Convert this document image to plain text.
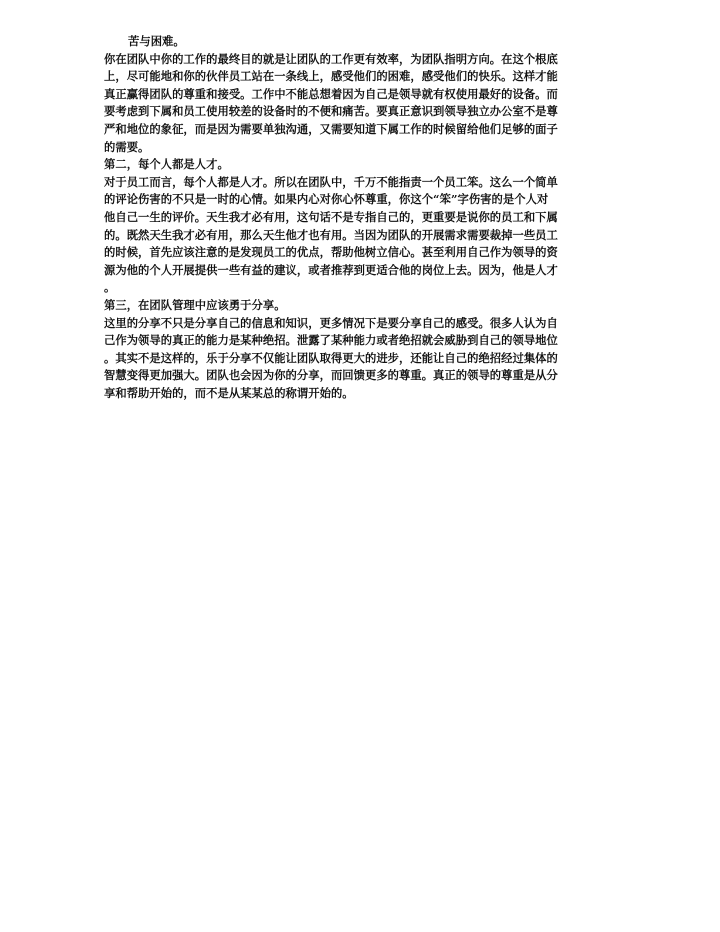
苦与困难。
你在团队中你的工作的最终目的就是让团队的工作更有效率，为团队指明方向。在这个根底
上，尽可能地和你的伙伴员工站在一条线上，感受他们的困难，感受他们的快乐。这样才能
真正赢得团队的尊重和接受。工作中不能总想着因为自己是领导就有权使用最好的设备。而
要考虑到下属和员工使用较差的设备时的不便和痛苦。要真正意识到领导独立办公室不是尊
严和地位的象征，而是因为需要单独沟通，又需要知道下属工作的时候留给他们足够的面子
的需要。
第二，每个人都是人才。
对于员工而言，每个人都是人才。所以在团队中，千万不能指责一个员工笨。这么一个简单
的评论伤害的不只是一时的心情。如果内心对你心怀尊重，你这个“笨”字伤害的是个人对
他自己一生的评价。天生我才必有用，这句话不是专指自己的，更重要是说你的员工和下属
的。既然天生我才必有用，那么天生他才也有用。当因为团队的开展需求需要裁掉一些员工
的时候，首先应该注意的是发现员工的优点，帮助他树立信心。甚至利用自己作为领导的资
源为他的个人开展提供一些有益的建议，或者推荐到更适合他的岗位上去。因为，他是人才
。
第三，在团队管理中应该勇于分享。
这里的分享不只是分享自己的信息和知识，更多情况下是要分享自己的感受。很多人认为自
己作为领导的真正的能力是某种绝招。泄露了某种能力或者绝招就会威胁到自己的领导地位
。其实不是这样的，乐于分享不仅能让团队取得更大的进步，还能让自己的绝招经过集体的
智慧变得更加强大。团队也会因为你的分享，而回馈更多的尊重。真正的领导的尊重是从分
享和帮助开始的，而不是从某某总的称谓开始的。
